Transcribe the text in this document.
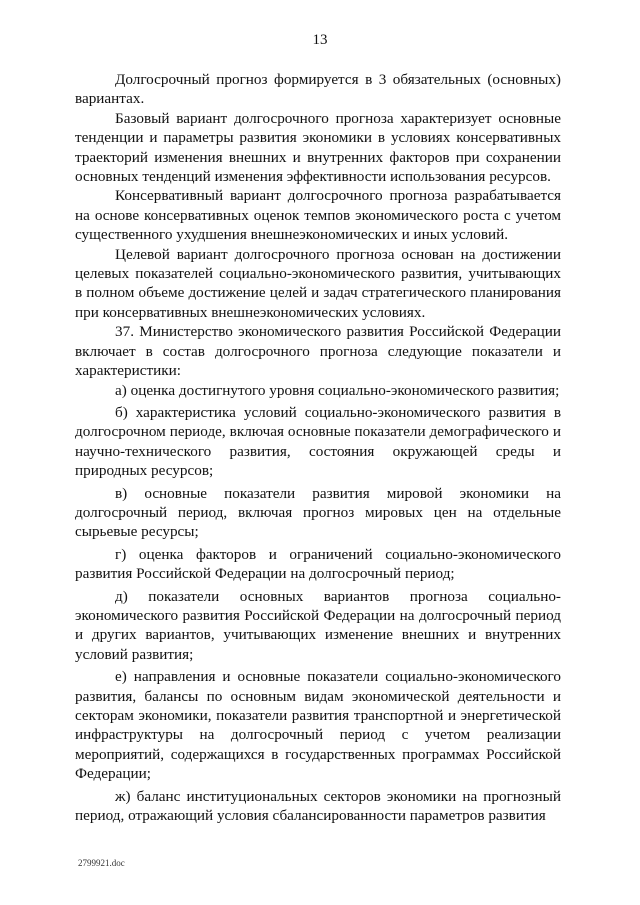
13

Долгосрочный прогноз формируется в 3 обязательных (основных) вариантах.

Базовый вариант долгосрочного прогноза характеризует основные тенденции и параметры развития экономики в условиях консервативных траекторий изменения внешних и внутренних факторов при сохранении основных тенденций изменения эффективности использования ресурсов.

Консервативный вариант долгосрочного прогноза разрабатывается на основе консервативных оценок темпов экономического роста с учетом существенного ухудшения внешнеэкономических и иных условий.

Целевой вариант долгосрочного прогноза основан на достижении целевых показателей социально-экономического развития, учитывающих в полном объеме достижение целей и задач стратегического планирования при консервативных внешнеэкономических условиях.

37. Министерство экономического развития Российской Федерации включает в состав долгосрочного прогноза следующие показатели и характеристики:

а) оценка достигнутого уровня социально-экономического развития;

б) характеристика условий социально-экономического развития в долгосрочном периоде, включая основные показатели демографического и научно-технического развития, состояния окружающей среды и природных ресурсов;

в) основные показатели развития мировой экономики на долгосрочный период, включая прогноз мировых цен на отдельные сырьевые ресурсы;

г) оценка факторов и ограничений социально-экономического развития Российской Федерации на долгосрочный период;

д) показатели основных вариантов прогноза социально-экономического развития Российской Федерации на долгосрочный период и других вариантов, учитывающих изменение внешних и внутренних условий развития;

е) направления и основные показатели социально-экономического развития, балансы по основным видам экономической деятельности и секторам экономики, показатели развития транспортной и энергетической инфраструктуры на долгосрочный период с учетом реализации мероприятий, содержащихся в государственных программах Российской Федерации;

ж) баланс институциональных секторов экономики на прогнозный период, отражающий условия сбалансированности параметров развития

2799921.doc
